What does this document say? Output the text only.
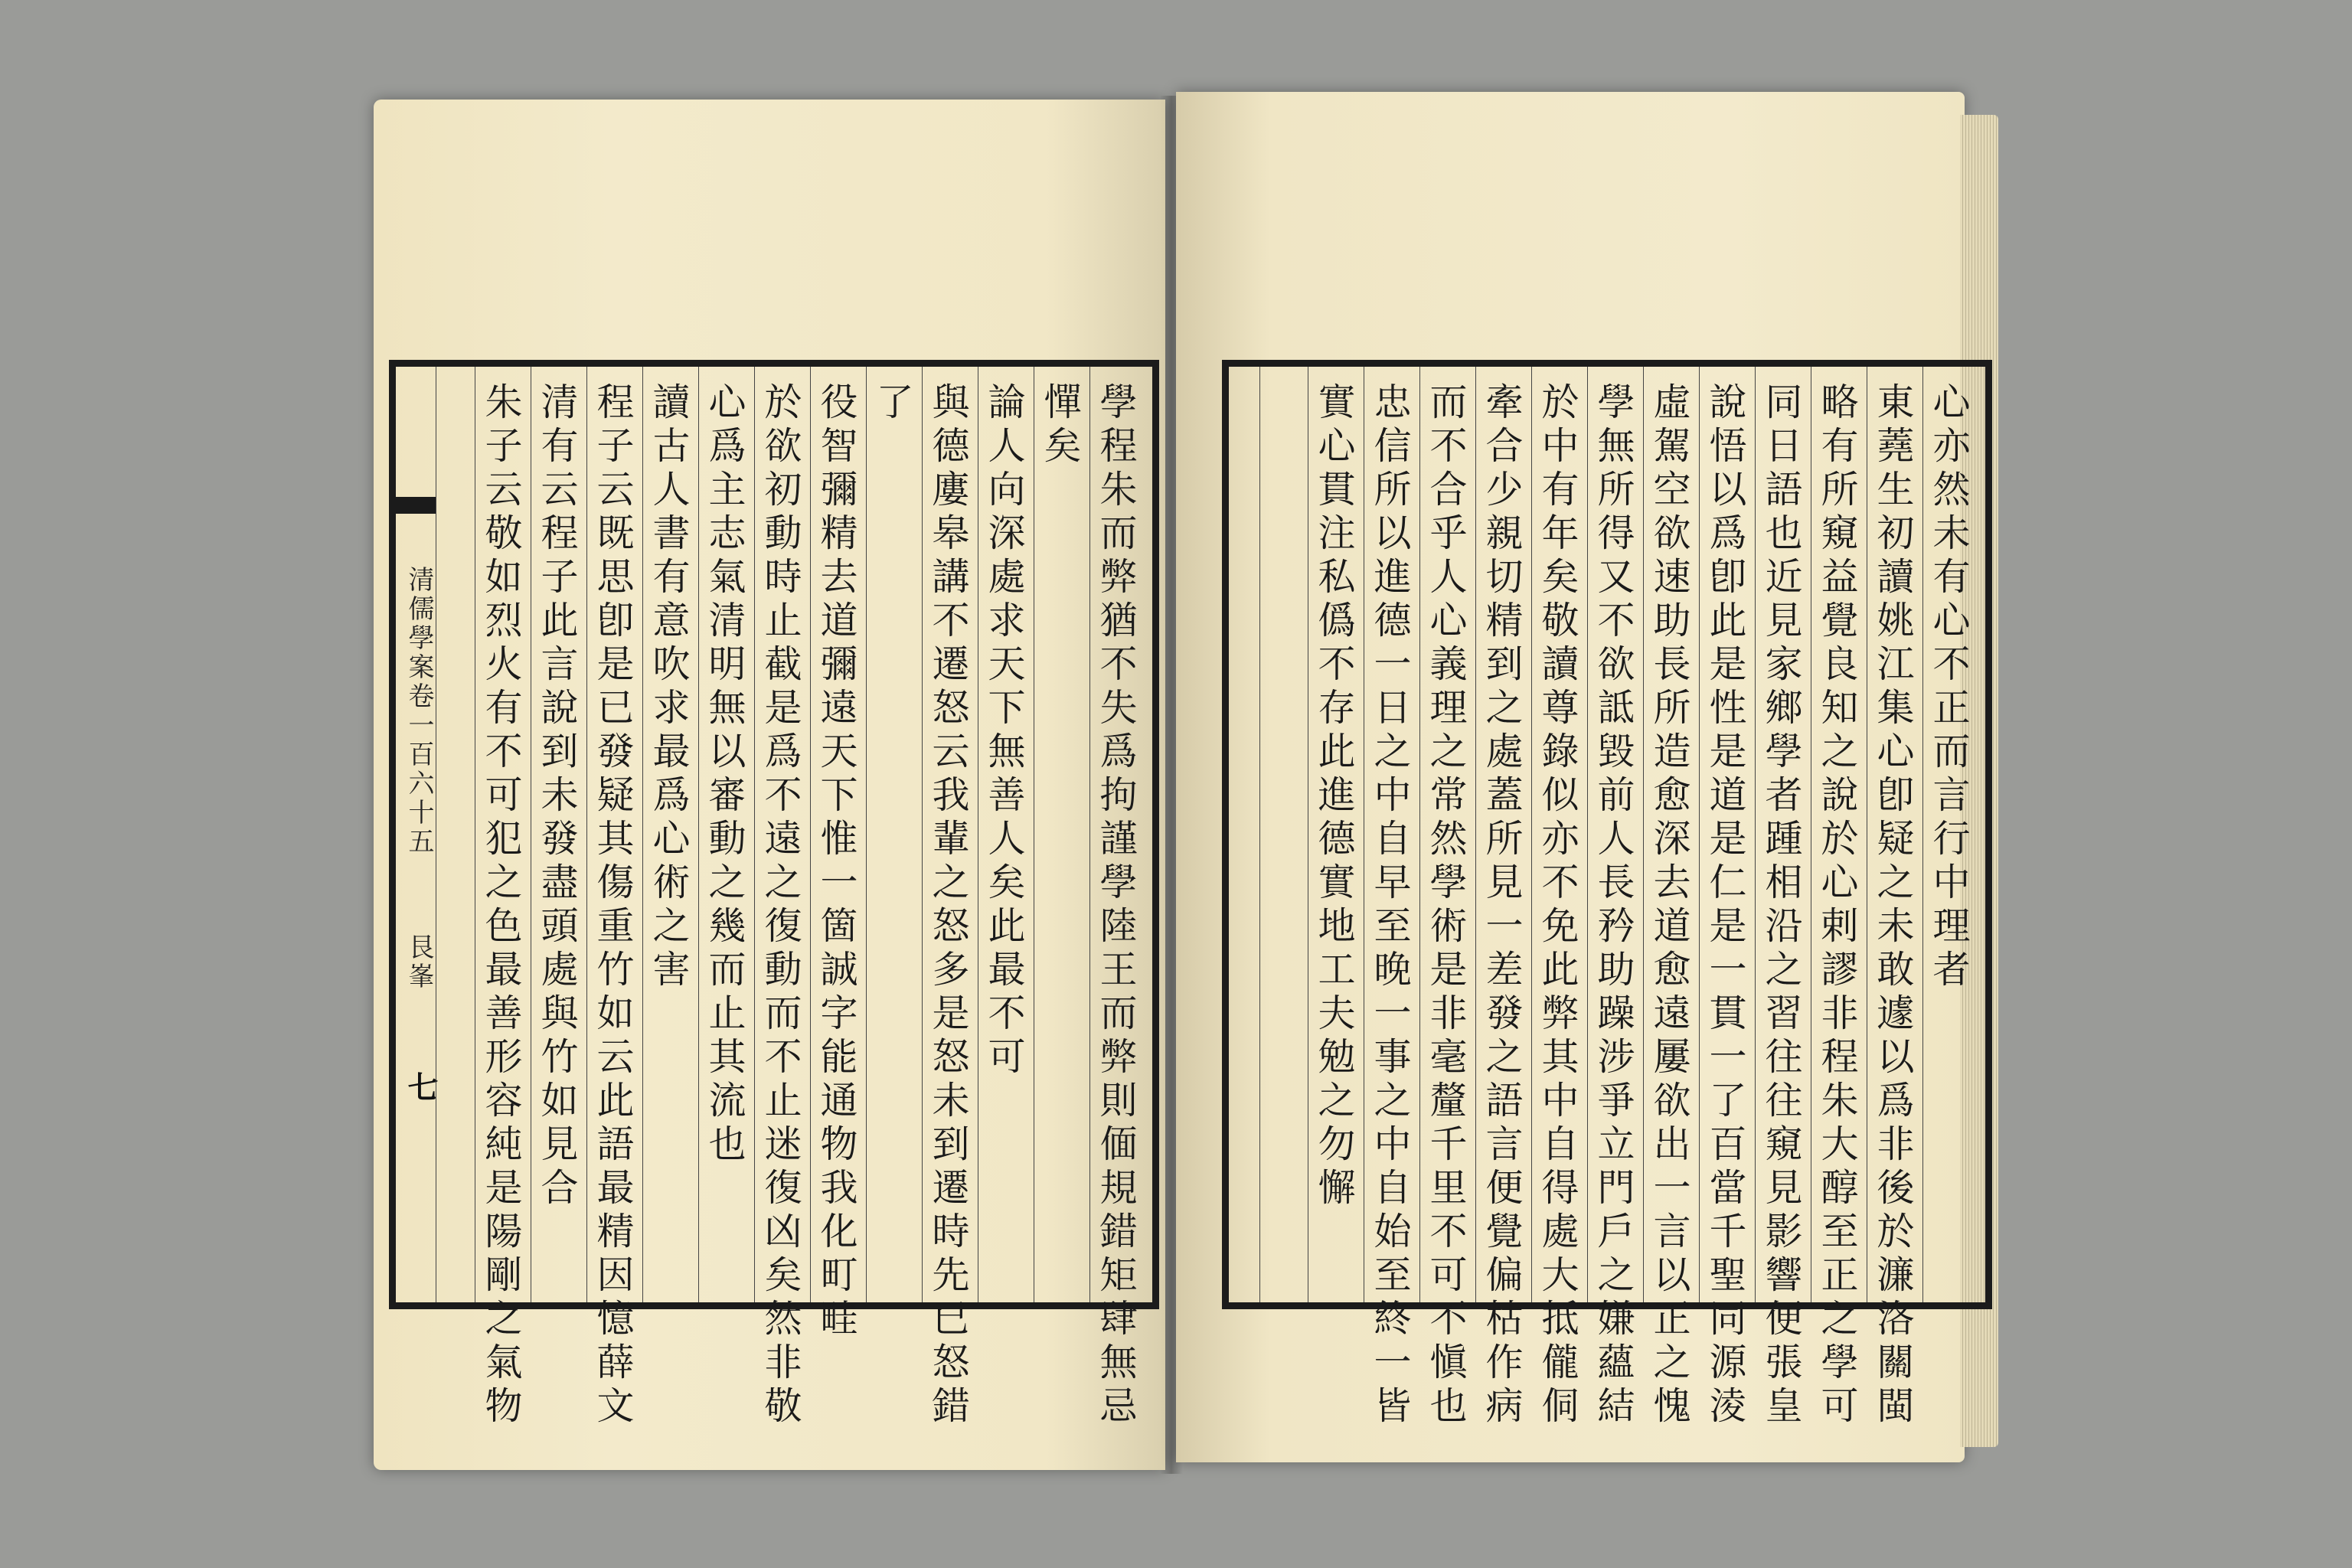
清儒學案卷一百六十五
艮峯
七	學程朱而弊猶不失爲拘謹學陸王而弊則偭規錯矩肆無忌
憚矣
論人向深處求天下無善人矣此最不可
與德廔皋講不遷怒云我輩之怒多是怒未到遷時先已怒錯
了
役智彌精去道彌遠天下惟一箇誠字能通物我化町畦
於欲初動時止截是爲不遠之復動而不止迷復凶矣然非敬
心爲主志氣清明無以審動之幾而止其流也
讀古人書有意吹求最爲心術之害
程子云既思卽是已發疑其傷重竹如云此語最精因憶薛文
清有云程子此言說到未發盡頭處與竹如見合
朱子云敬如烈火有不可犯之色最善形容純是陽剛之氣物	心亦然未有心不正而言行中理者
東蕘生初讀姚江集心卽疑之未敢遽以爲非後於濂洛關閩
略有所窺益覺良知之說於心剌謬非程朱大醇至正之學可
同日語也近見家鄉學者踵相沿之習往往窺見影響便張皇
說悟以爲卽此是性是道是仁是一貫一了百當千聖同源淩
虛駕空欲速助長所造愈深去道愈遠屢欲出一言以正之愧
學無所得又不欲詆毀前人長矜助躁涉爭立門戶之嫌蘊結
於中有年矣敬讀尊錄似亦不免此弊其中自得處大抵儱侗
牽合少親切精到之處蓋所見一差發之語言便覺偏枯作病
而不合乎人心義理之常然學術是非毫釐千里不可不愼也
忠信所以進德一日之中自早至晚一事之中自始至終一皆
實心貫注私僞不存此進德實地工夫勉之勿懈
